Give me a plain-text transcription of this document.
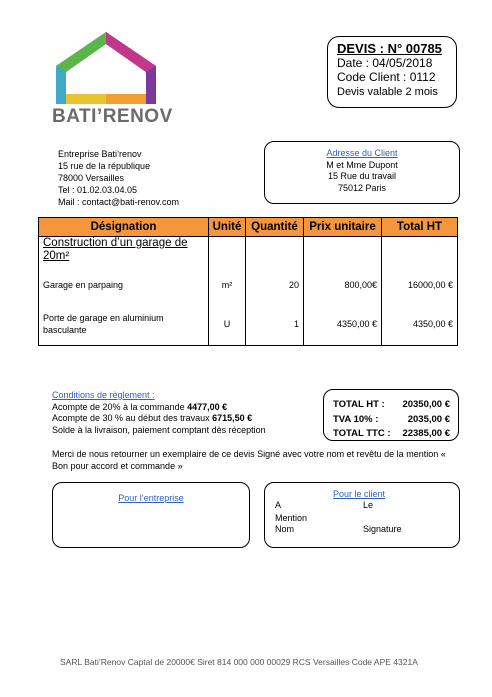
BATI’RENOV
DEVIS : N° 00785
Date : 04/05/2018
Code Client : 0112
Devis valable 2 mois
Entreprise Bati’renov
15 rue de la république
78000 Versailles
Tel : 01.02.03.04.05
Mail : contact@bati-renov.com
Adresse du Client
M et Mme Dupont
15 Rue du travail
75012 Paris
Désignation	Unité	Quantité	Prix unitaire	Total HT
Construction d’un garage de 20m²				
Garage en parpaing	m²	20	800,00€	16000,00 €
Porte de garage en aluminium basculante	U	1	4350,00 €	4350,00 €
Conditions de règlement :
Acompte de 20% à la commande 4477,00 €
Acompte de 30 % au début des travaux 6715,50 €
Solde à la livraison, paiement comptant dès réception
TOTAL HT : 20350,00 €
TVA 10% :	2035,00 €
TOTAL TTC : 22385,00 €
Merci de nous retourner un exemplaire de ce devis Signé avec votre nom et revêtu de la mention « Bon pour accord et commande »
Pour l’entreprise	Pour le client
A	Le
Mention
Nom	Signature
SARL Bati’Renov Captal de 20000€ Siret 814 000 000 00029 RCS Versailles Code APE 4321A
